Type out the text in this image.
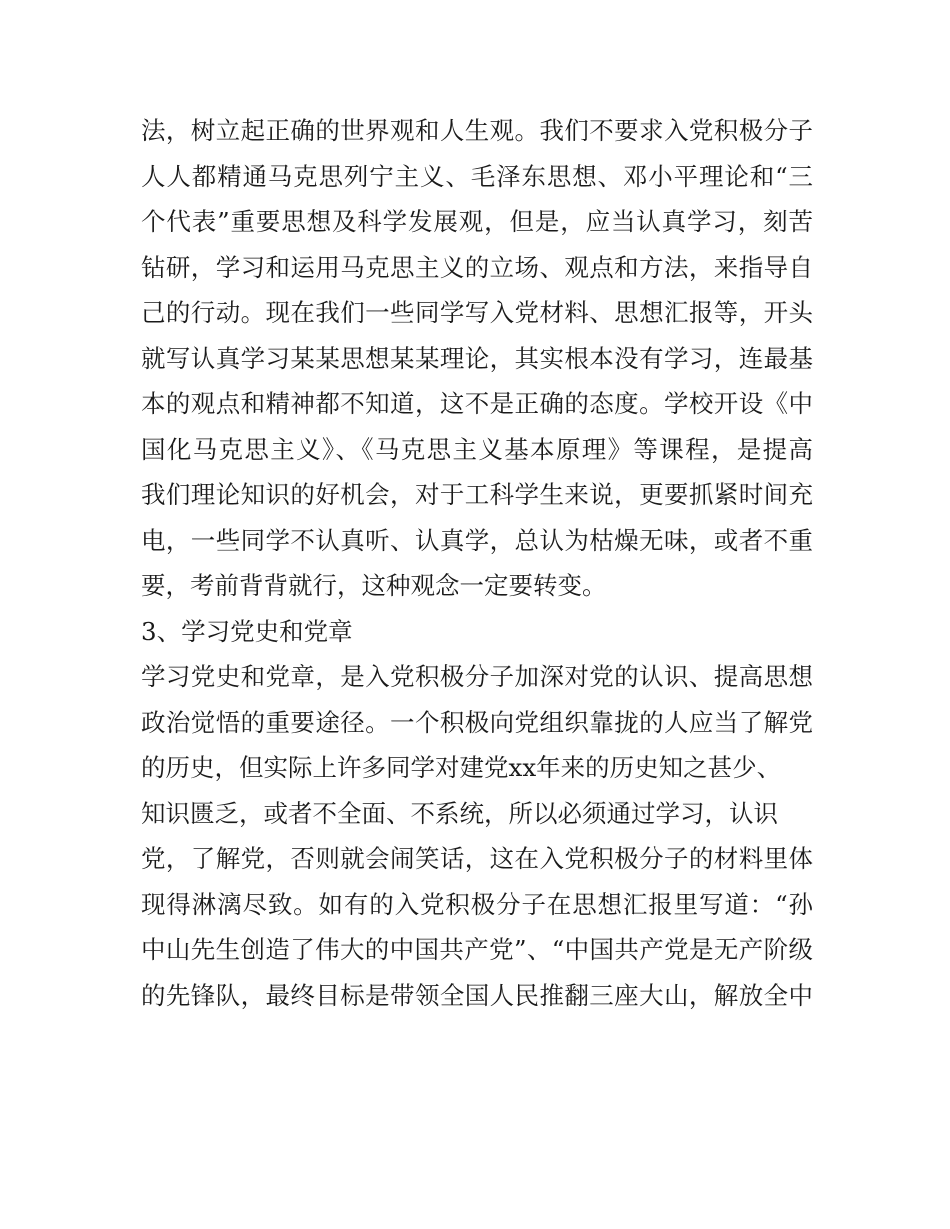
法，树立起正确的世界观和人生观。我们不要求入党积极分子
人人都精通马克思列宁主义、毛泽东思想、邓小平理论和“三
个代表”重要思想及科学发展观，但是，应当认真学习，刻苦
钻研，学习和运用马克思主义的立场、观点和方法，来指导自
己的行动。现在我们一些同学写入党材料、思想汇报等，开头
就写认真学习某某思想某某理论，其实根本没有学习，连最基
本的观点和精神都不知道，这不是正确的态度。学校开设《中
国化马克思主义》、《马克思主义基本原理》等课程，是提高
我们理论知识的好机会，对于工科学生来说，更要抓紧时间充
电，一些同学不认真听、认真学，总认为枯燥无味，或者不重
要，考前背背就行，这种观念一定要转变。
3、学习党史和党章
学习党史和党章，是入党积极分子加深对党的认识、提高思想
政治觉悟的重要途径。一个积极向党组织靠拢的人应当了解党
的历史，但实际上许多同学对建党xx年来的历史知之甚少、
知识匮乏，或者不全面、不系统，所以必须通过学习，认识
党，了解党，否则就会闹笑话，这在入党积极分子的材料里体
现得淋漓尽致。如有的入党积极分子在思想汇报里写道：“孙
中山先生创造了伟大的中国共产党”、“中国共产党是无产阶级
的先锋队，最终目标是带领全国人民推翻三座大山，解放全中
